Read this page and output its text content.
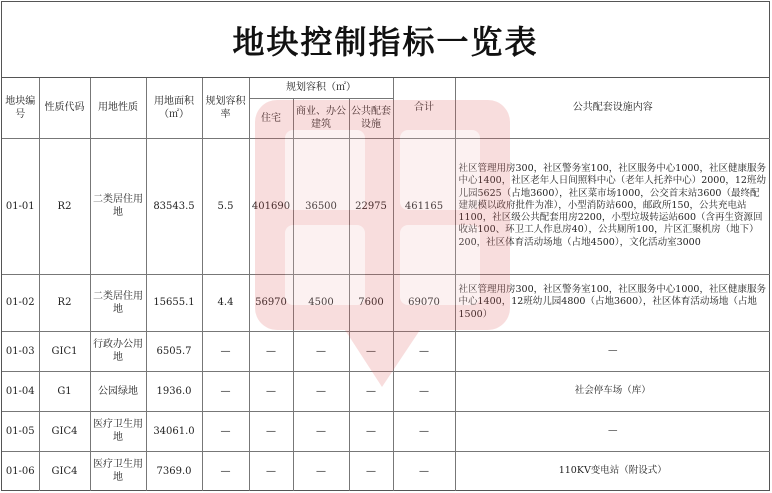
地块控制指标一览表
地块编号	性质代码	用地性质	用地面积（㎡）	规划容积率	规划容积（㎡）			合计	公共配套设施内容
					住宅	商业、办公建筑	公共配套设施		
01-01	R2	二类居住用地	83543.5	5.5	401690	36500	22975	461165	社区管理用房300，社区警务室100，社区服务中心1000，社区健康服务中心1400，社区老年人日间照料中心（老年人托养中心）2000，12班幼儿园5625（占地3600），社区菜市场1000，公交首末站3600（最终配建规模以政府批件为准），小型消防站600，邮政所150，公共充电站1100，社区级公共配套用房2200，小型垃圾转运站600（含再生资源回收站100、环卫工人作息房40），公共厕所100，片区汇聚机房（地下）200，社区体育活动场地（占地4500），文化活动室3000
01-02	R2	二类居住用地	15655.1	4.4	56970	4500	7600	69070	社区管理用房300，社区警务室100，社区服务中心1000，社区健康服务中心1400，12班幼儿园4800（占地3600），社区体育活动场地（占地1500）
01-03	GIC1	行政办公用地	6505.7	—	—	—	—	—	—
01-04	G1	公园绿地	1936.0	—	—	—	—	—	社会停车场（库）
01-05	GIC4	医疗卫生用地	34061.0	—	—	—	—	—	—
01-06	GIC4	医疗卫生用地	7369.0	—	—	—	—	—	110KV变电站（附设式）
